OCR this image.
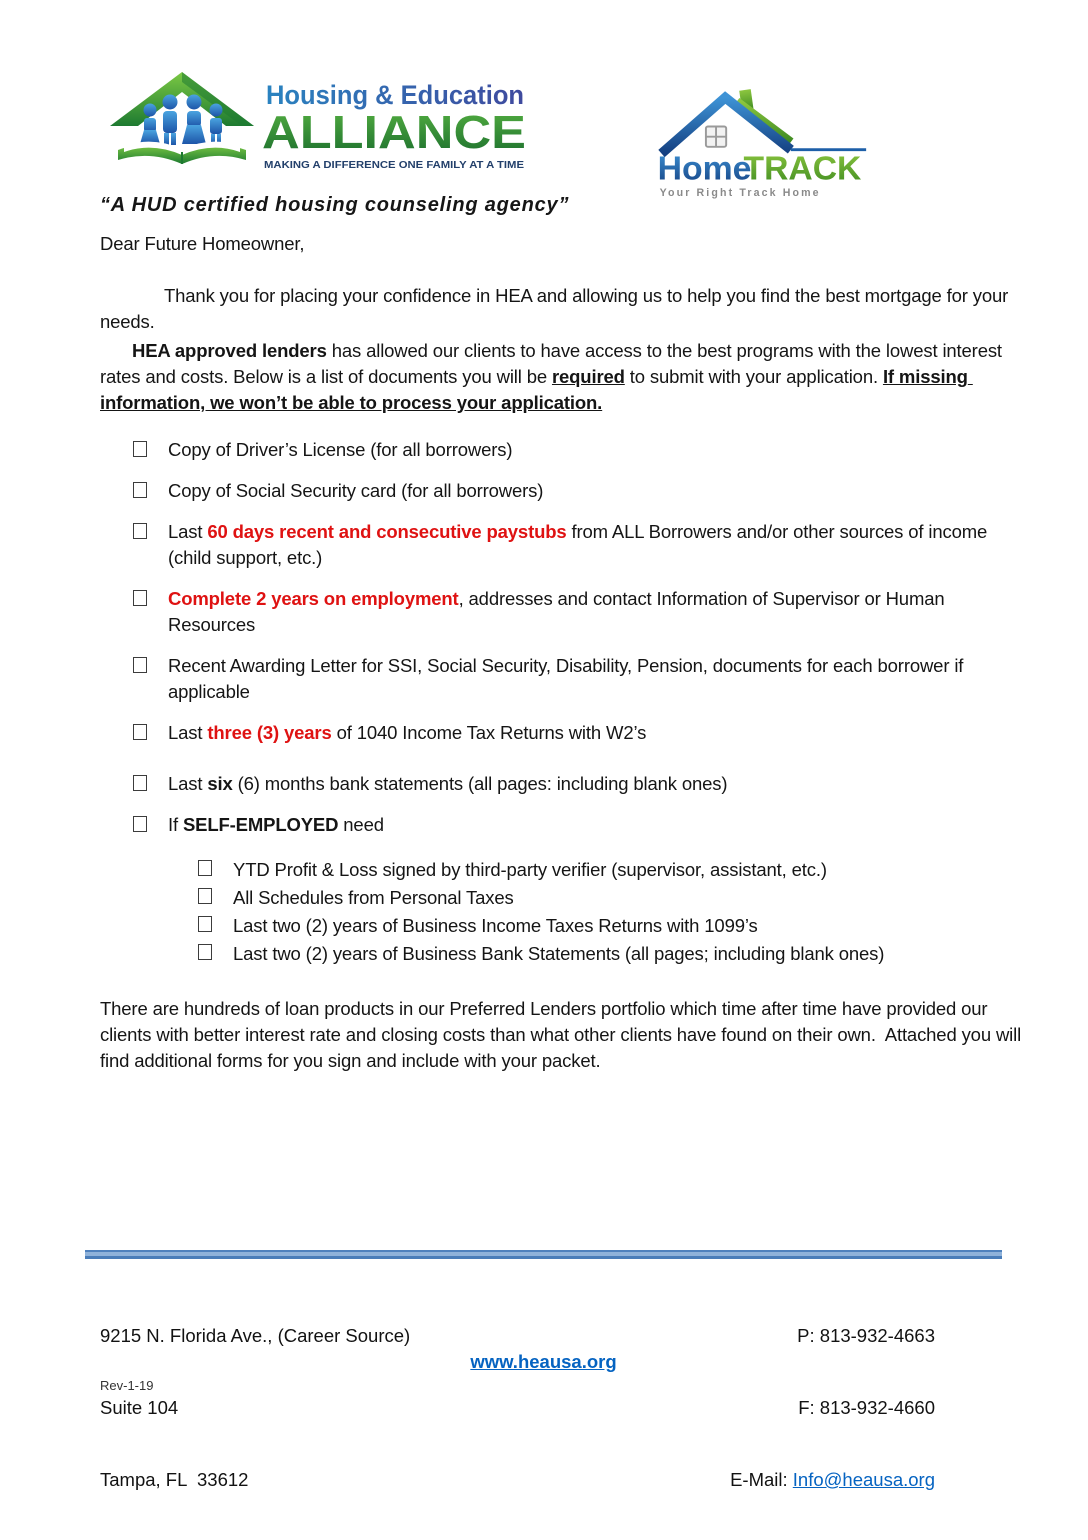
Housing & Education
ALLIANCE
MAKING A DIFFERENCE ONE FAMILY AT A TIME	Home
TRACK
Your Right Track Home
“A HUD certified housing counseling agency”

Dear Future Homeowner,

Thank you for placing your confidence in HEA and allowing us to help you find the best mortgage for your needs.

HEA approved lenders has allowed our clients to have access to the best programs with the lowest interest rates and costs. Below is a list of documents you will be required to submit with your application. If missing information, we won’t be able to process your application.

Copy of Driver’s License (for all borrowers)
Copy of Social Security card (for all borrowers)
Last 60 days recent and consecutive paystubs from ALL Borrowers and/or other sources of income (child support, etc.)
Complete 2 years on employment, addresses and contact Information of Supervisor or Human Resources
Recent Awarding Letter for SSI, Social Security, Disability, Pension, documents for each borrower if applicable
Last three (3) years of 1040 Income Tax Returns with W2’s
Last six (6) months bank statements (all pages: including blank ones)
If SELF-EMPLOYED need
YTD Profit & Loss signed by third-party verifier (supervisor, assistant, etc.)
All Schedules from Personal Taxes
Last two (2) years of Business Income Taxes Returns with 1099’s
Last two (2) years of Business Bank Statements (all pages; including blank ones)

There are hundreds of loan products in our Preferred Lenders portfolio which time after time have provided our clients with better interest rate and closing costs than what other clients have found on their own.  Attached you will find additional forms for you sign and include with your packet.

9215 N. Florida Ave., (Career Source)

Suite 104

Tampa, FL  33612

P: 813-932-4663

F: 813-932-4660

E-Mail: Info@heausa.org

www.heausa.org
Rev-1-19
